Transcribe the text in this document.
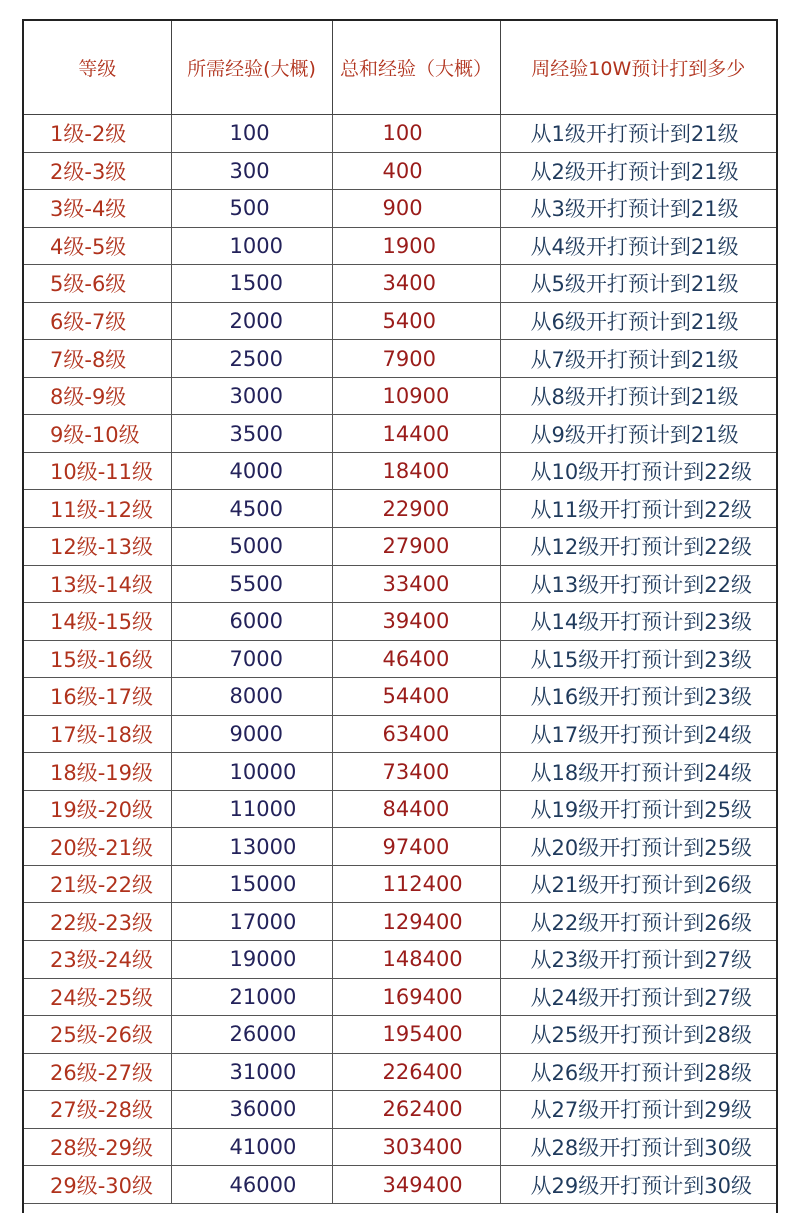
等级	所需经验(大概)	总和经验（大概）	周经验10W预计打到多少
1级-2级	100	100	从1级开打预计到21级
2级-3级	300	400	从2级开打预计到21级
3级-4级	500	900	从3级开打预计到21级
4级-5级	1000	1900	从4级开打预计到21级
5级-6级	1500	3400	从5级开打预计到21级
6级-7级	2000	5400	从6级开打预计到21级
7级-8级	2500	7900	从7级开打预计到21级
8级-9级	3000	10900	从8级开打预计到21级
9级-10级	3500	14400	从9级开打预计到21级
10级-11级	4000	18400	从10级开打预计到22级
11级-12级	4500	22900	从11级开打预计到22级
12级-13级	5000	27900	从12级开打预计到22级
13级-14级	5500	33400	从13级开打预计到22级
14级-15级	6000	39400	从14级开打预计到23级
15级-16级	7000	46400	从15级开打预计到23级
16级-17级	8000	54400	从16级开打预计到23级
17级-18级	9000	63400	从17级开打预计到24级
18级-19级	10000	73400	从18级开打预计到24级
19级-20级	11000	84400	从19级开打预计到25级
20级-21级	13000	97400	从20级开打预计到25级
21级-22级	15000	112400	从21级开打预计到26级
22级-23级	17000	129400	从22级开打预计到26级
23级-24级	19000	148400	从23级开打预计到27级
24级-25级	21000	169400	从24级开打预计到27级
25级-26级	26000	195400	从25级开打预计到28级
26级-27级	31000	226400	从26级开打预计到28级
27级-28级	36000	262400	从27级开打预计到29级
28级-29级	41000	303400	从28级开打预计到30级
29级-30级	46000	349400	从29级开打预计到30级
